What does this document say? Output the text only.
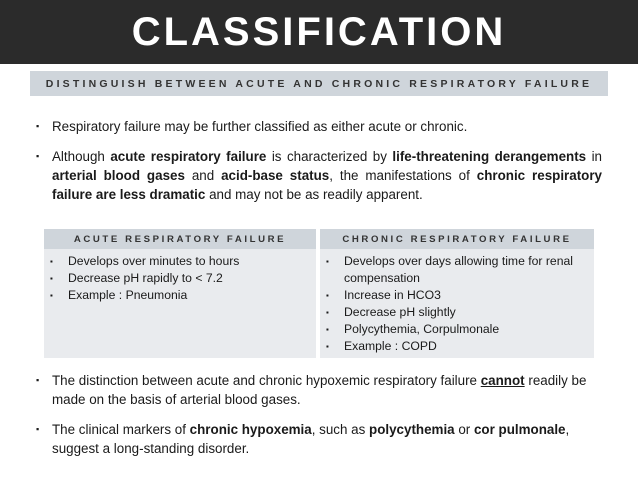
CLASSIFICATION
DISTINGUISH BETWEEN ACUTE AND CHRONIC RESPIRATORY FAILURE
▪ Respiratory failure may be further classified as either acute or chronic.
▪ Although acute respiratory failure is characterized by life-threatening derangements in arterial blood gases and acid-base status, the manifestations of chronic respiratory failure are less dramatic and may not be as readily apparent.
ACUTE RESPIRATORY FAILURE
▪ Develops over minutes to hours
▪ Decrease pH rapidly to < 7.2
▪ Example : Pneumonia
CHRONIC RESPIRATORY FAILURE
▪ Develops over days allowing time for renal compensation
▪ Increase in HCO3
▪ Decrease pH slightly
▪ Polycythemia, Corpulmonale
▪ Example : COPD
▪ The distinction between acute and chronic hypoxemic respiratory failure cannot readily be made on the basis of arterial blood gases.
▪ The clinical markers of chronic hypoxemia, such as polycythemia or cor pulmonale, suggest a long-standing disorder.
